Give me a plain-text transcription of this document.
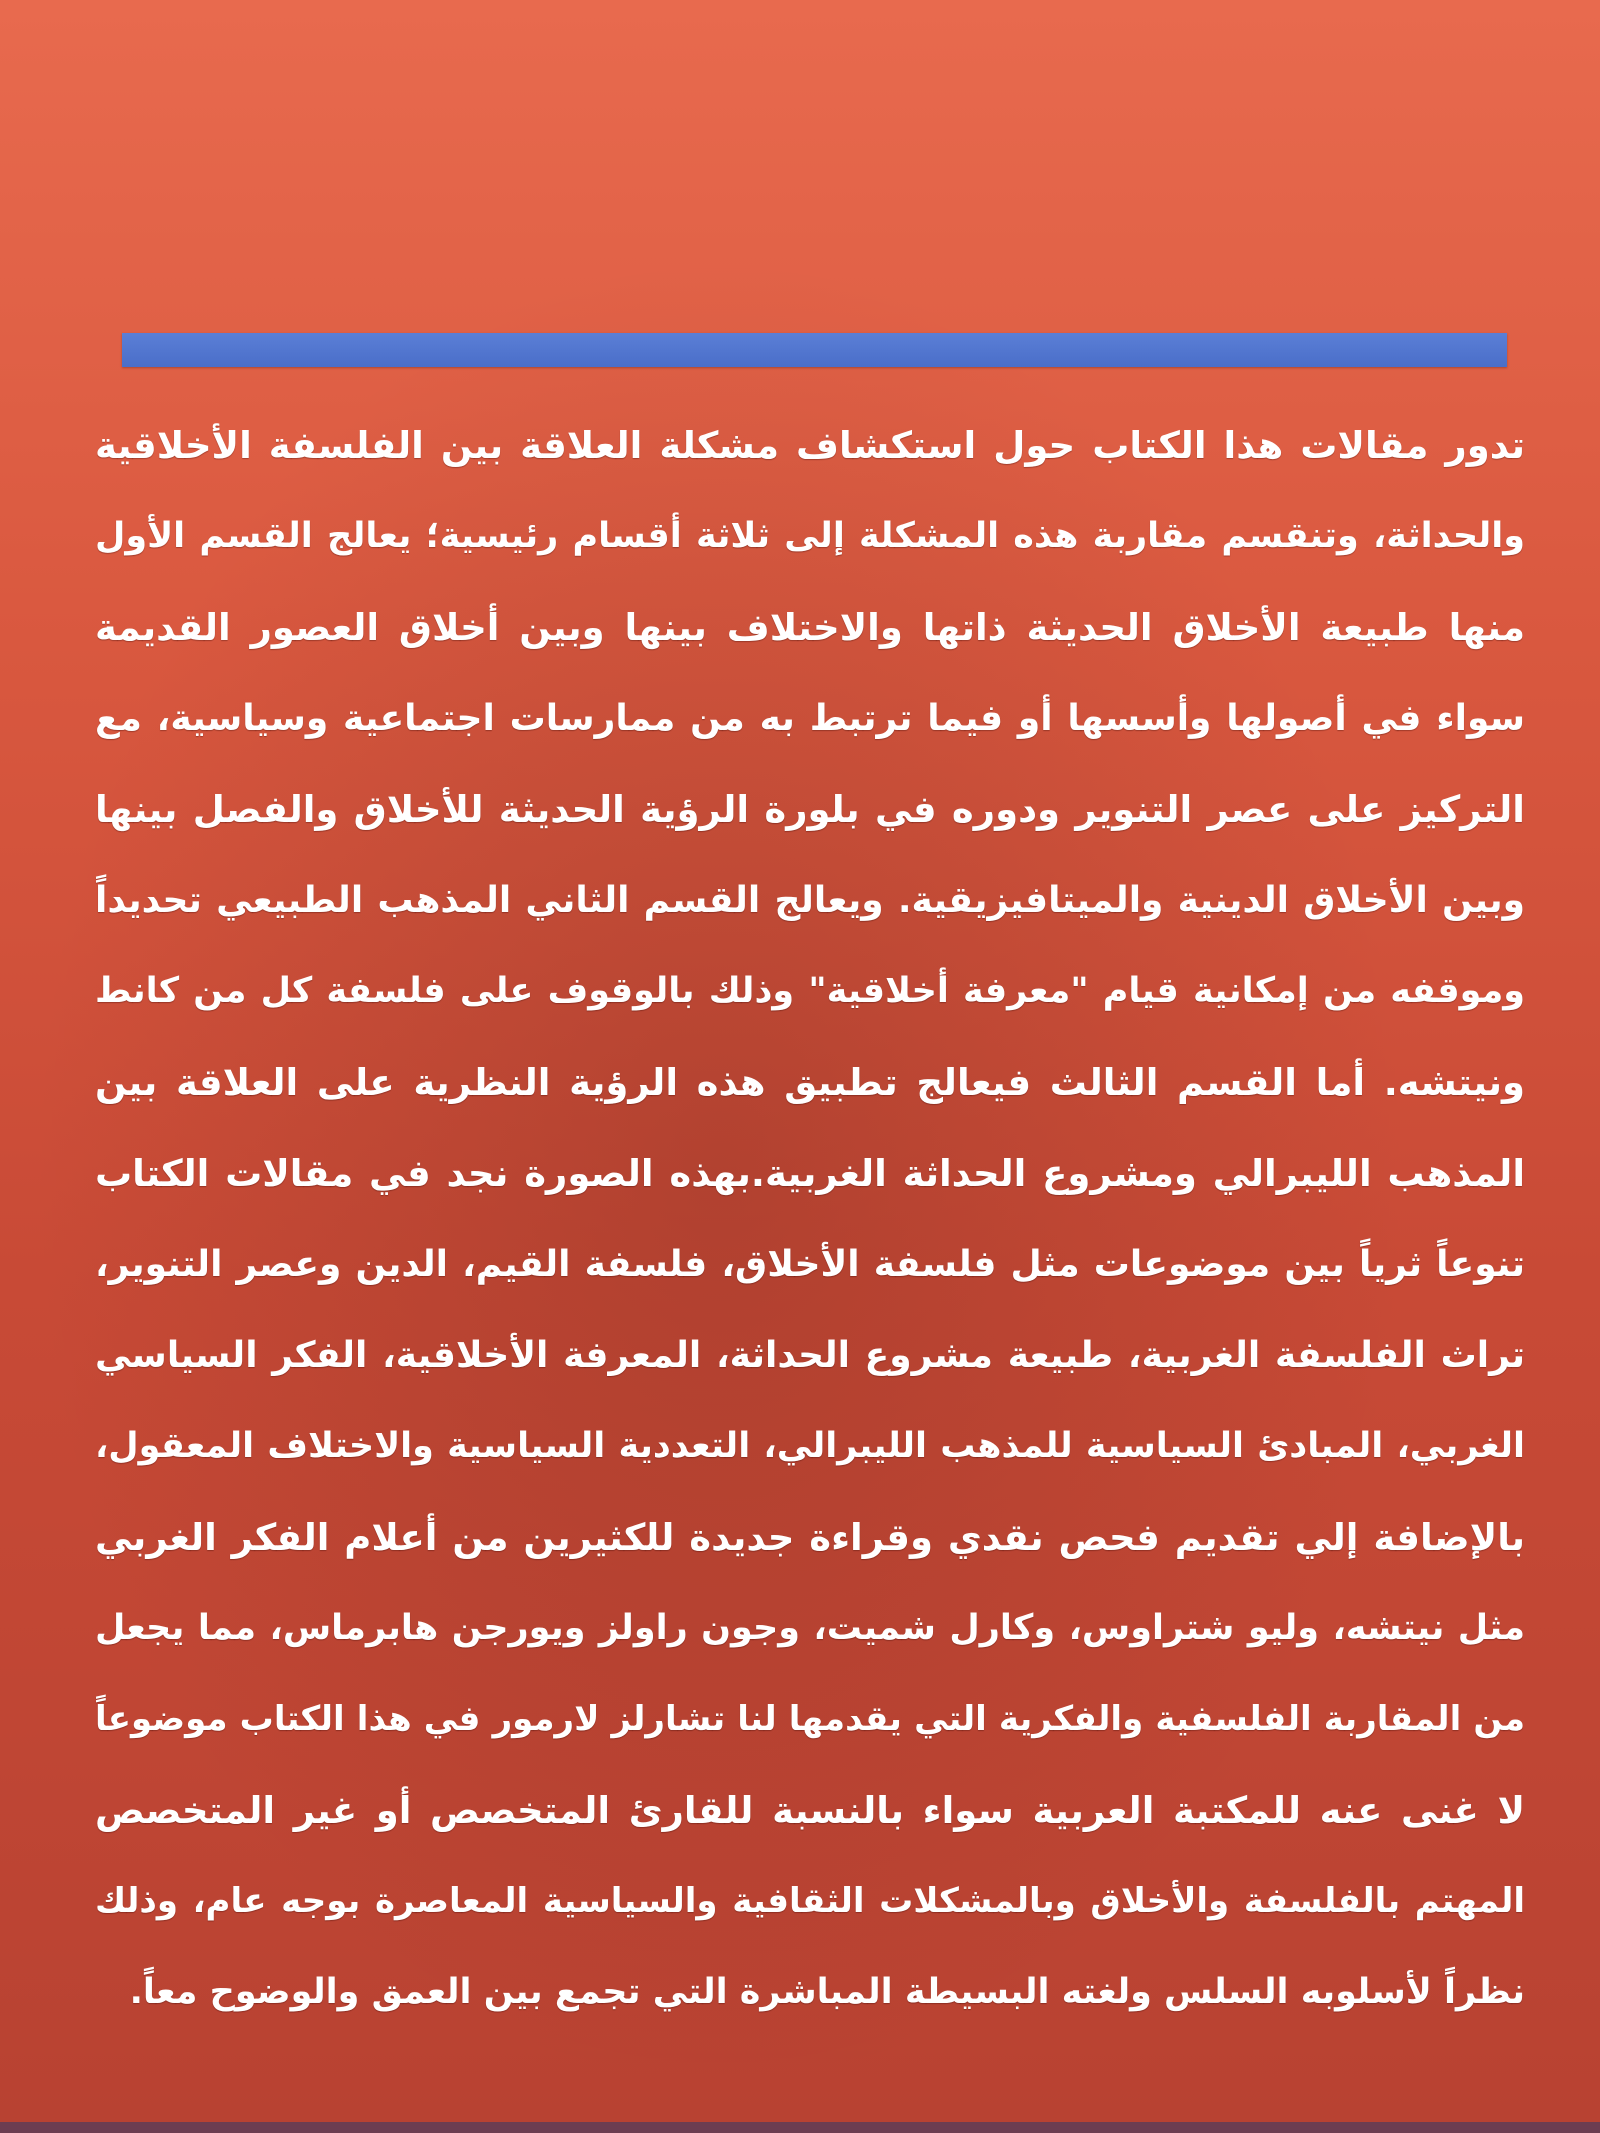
تدور مقالات هذا الكتاب حول استكشاف مشكلة العلاقة بين الفلسفة الأخلاقية
والحداثة، وتنقسم مقاربة هذه المشكلة إلى ثلاثة أقسام رئيسية؛ يعالج القسم الأول
منها طبيعة الأخلاق الحديثة ذاتها والاختلاف بينها وبين أخلاق العصور القديمة
سواء في أصولها وأسسها أو فيما ترتبط به من ممارسات اجتماعية وسياسية، مع
التركيز على عصر التنوير ودوره في بلورة الرؤية الحديثة للأخلاق والفصل بينها
وبين الأخلاق الدينية والميتافيزيقية. ويعالج القسم الثاني المذهب الطبيعي تحديداً
وموقفه من إمكانية قيام "معرفة أخلاقية" وذلك بالوقوف على فلسفة كل من كانط
ونيتشه. أما القسم الثالث فيعالج تطبيق هذه الرؤية النظرية على العلاقة بين
المذهب الليبرالي ومشروع الحداثة الغربية.بهذه الصورة نجد في مقالات الكتاب
تنوعاً ثرياً بين موضوعات مثل فلسفة الأخلاق، فلسفة القيم، الدين وعصر التنوير،
تراث الفلسفة الغربية، طبيعة مشروع الحداثة، المعرفة الأخلاقية، الفكر السياسي
الغربي، المبادئ السياسية للمذهب الليبرالي، التعددية السياسية والاختلاف المعقول،
بالإضافة إلي تقديم فحص نقدي وقراءة جديدة للكثيرين من أعلام الفكر الغربي
مثل نيتشه، وليو شتراوس، وكارل شميت، وجون راولز ويورجن هابرماس، مما يجعل
من المقاربة الفلسفية والفكرية التي يقدمها لنا تشارلز لارمور في هذا الكتاب موضوعاً
لا غنى عنه للمكتبة العربية سواء بالنسبة للقارئ المتخصص أو غير المتخصص
المهتم بالفلسفة والأخلاق وبالمشكلات الثقافية والسياسية المعاصرة بوجه عام، وذلك
نظراً لأسلوبه السلس ولغته البسيطة المباشرة التي تجمع بين العمق والوضوح معاً.
